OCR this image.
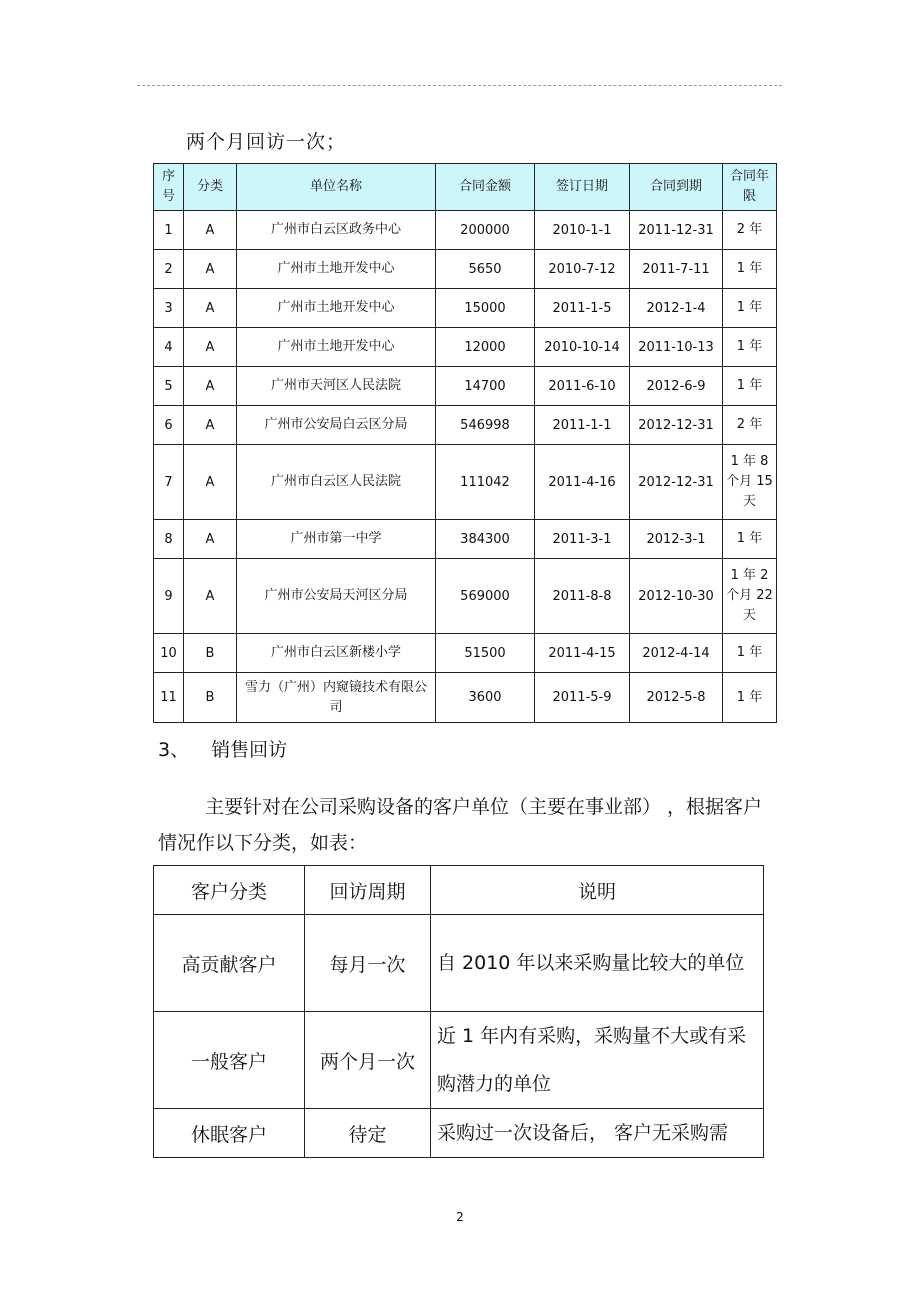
两个月回访一次；
序号	分类	单位名称	合同金额	签订日期	合同到期	合同年限
1	A	广州市白云区政务中心	200000	2010-1-1	2011-12-31	2 年
2	A	广州市土地开发中心	5650	2010-7-12	2011-7-11	1 年
3	A	广州市土地开发中心	15000	2011-1-5	2012-1-4	1 年
4	A	广州市土地开发中心	12000	2010-10-14	2011-10-13	1 年
5	A	广州市天河区人民法院	14700	2011-6-10	2012-6-9	1 年
6	A	广州市公安局白云区分局	546998	2011-1-1	2012-12-31	2 年
7	A	广州市白云区人民法院	111042	2011-4-16	2012-12-31	1 年 8 个月 15 天
8	A	广州市第一中学	384300	2011-3-1	2012-3-1	1 年
9	A	广州市公安局天河区分局	569000	2011-8-8	2012-10-30	1 年 2 个月 22 天
10	B	广州市白云区新楼小学	51500	2011-4-15	2012-4-14	1 年
11	B	雪力（广州）内窥镜技术有限公司	3600	2011-5-9	2012-5-8	1 年
3、 销售回访
主要针对在公司采购设备的客户单位（主要在事业部） ，根据客户情况作以下分类，如表：
客户分类	回访周期	说明
高贡献客户	每月一次	自 2010 年以来采购量比较大的单位
一般客户	两个月一次	近 1 年内有采购，采购量不大或有采购潜力的单位
休眠客户	待定	采购过一次设备后， 客户无采购需
2
